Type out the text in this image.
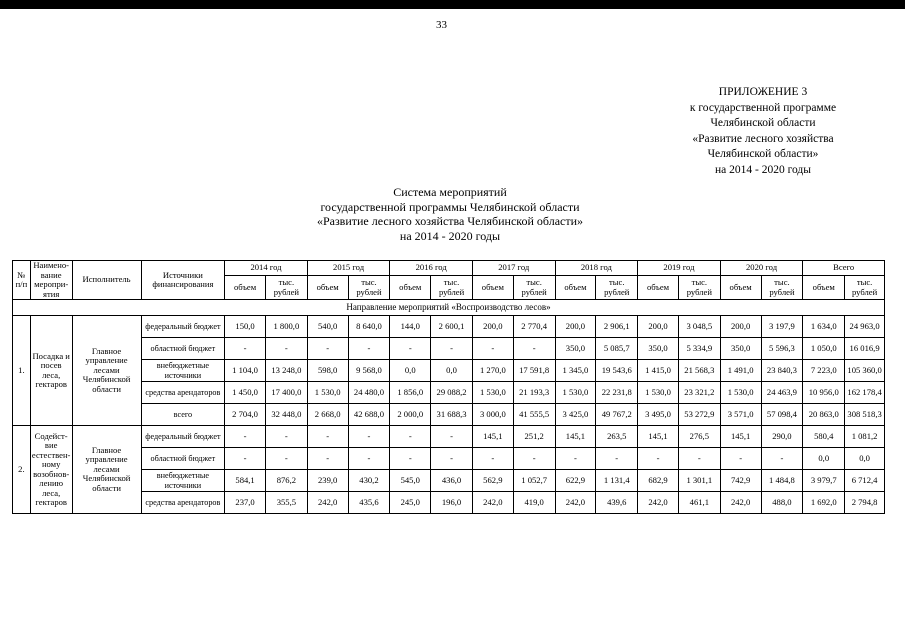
33
ПРИЛОЖЕНИЕ 3
к государственной программе
Челябинской области
«Развитие лесного хозяйства
Челябинской области»
на 2014 - 2020 годы
Система мероприятий
государственной программы Челябинской области
«Развитие лесного хозяйства Челябинской области»
на 2014 - 2020 годы
№ п/п	Наимено-вание меропри-ятия	Исполнитель	Источники финансирования	2014 год		2015 год		2016 год		2017 год		2018 год		2019 год		2020 год		Всего	
				объем	тыс. рублей	объем	тыс. рублей	объем	тыс. рублей	объем	тыс. рублей	объем	тыс. рублей	объем	тыс. рублей	объем	тыс. рублей	объем	тыс. рублей
Направление мероприятий «Воспроизводство лесов»																			
1.	Посадка и посев леса, гектаров	Главное управление лесами Челябинской области	федеральный бюджет	150,0	1 800,0	540,0	8 640,0	144,0	2 600,1	200,0	2 770,4	200,0	2 906,1	200,0	3 048,5	200,0	3 197,9	1 634,0	24 963,0
			областной бюджет	-	-	-	-	-	-	-	-	350,0	5 085,7	350,0	5 334,9	350,0	5 596,3	1 050,0	16 016,9
			внебюджетные источники	1 104,0	13 248,0	598,0	9 568,0	0,0	0,0	1 270,0	17 591,8	1 345,0	19 543,6	1 415,0	21 568,3	1 491,0	23 840,3	7 223,0	105 360,0
			средства арендаторов	1 450,0	17 400,0	1 530,0	24 480,0	1 856,0	29 088,2	1 530,0	21 193,3	1 530,0	22 231,8	1 530,0	23 321,2	1 530,0	24 463,9	10 956,0	162 178,4
			всего	2 704,0	32 448,0	2 668,0	42 688,0	2 000,0	31 688,3	3 000,0	41 555,5	3 425,0	49 767,2	3 495,0	53 272,9	3 571,0	57 098,4	20 863,0	308 518,3
2.	Содейст-вие естествен-ному возобнов-лению леса, гектаров	Главное управление лесами Челябинской области	федеральный бюджет	-	-	-	-	-	-	145,1	251,2	145,1	263,5	145,1	276,5	145,1	290,0	580,4	1 081,2
			областной бюджет	-	-	-	-	-	-	-	-	-	-	-	-	-	-	0,0	0,0
			внебюджетные источники	584,1	876,2	239,0	430,2	545,0	436,0	562,9	1 052,7	622,9	1 131,4	682,9	1 301,1	742,9	1 484,8	3 979,7	6 712,4
			средства арендаторов	237,0	355,5	242,0	435,6	245,0	196,0	242,0	419,0	242,0	439,6	242,0	461,1	242,0	488,0	1 692,0	2 794,8
